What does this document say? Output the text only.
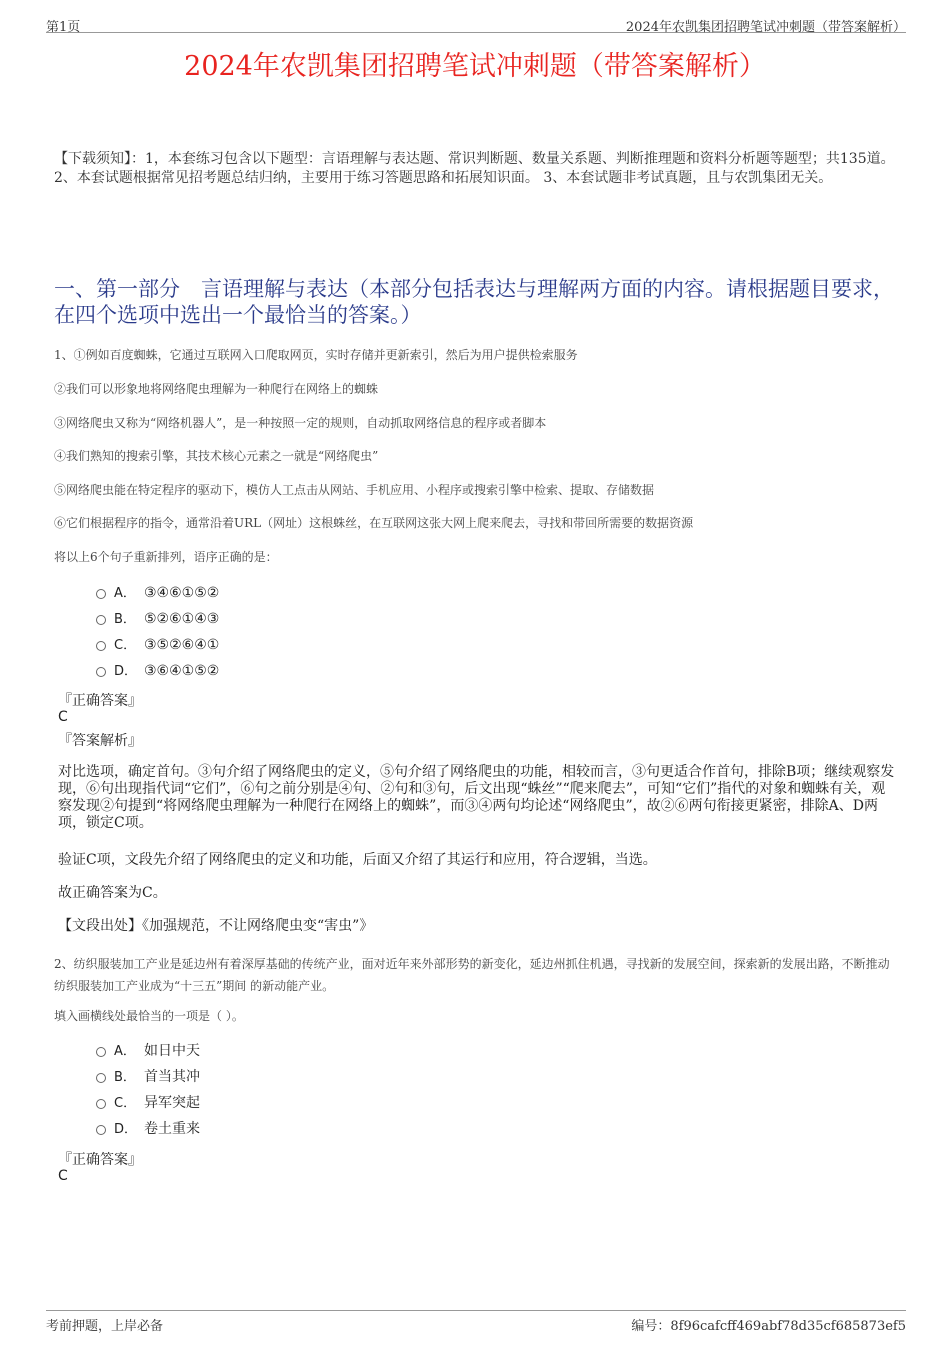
第1页	2024年农凯集团招聘笔试冲刺题（带答案解析）
2024年农凯集团招聘笔试冲刺题（带答案解析）
【下载须知】：1，本套练习包含以下题型：言语理解与表达题、常识判断题、数量关系题、判断推理题和资料分析题等题型；共135道。 2、本套试题根据常见招考题总结归纳，主要用于练习答题思路和拓展知识面。 3、本套试题非考试真题，且与农凯集团无关。
一、第一部分　言语理解与表达（本部分包括表达与理解两方面的内容。请根据题目要求，在四个选项中选出一个最恰当的答案。）
1、①例如百度蜘蛛，它通过互联网入口爬取网页，实时存储并更新索引，然后为用户提供检索服务
②我们可以形象地将网络爬虫理解为一种爬行在网络上的蜘蛛
③网络爬虫又称为“网络机器人”，是一种按照一定的规则，自动抓取网络信息的程序或者脚本
④我们熟知的搜索引擎，其技术核心元素之一就是“网络爬虫”
⑤网络爬虫能在特定程序的驱动下，模仿人工点击从网站、手机应用、小程序或搜索引擎中检索、提取、存储数据
⑥它们根据程序的指令，通常沿着URL（网址）这根蛛丝，在互联网这张大网上爬来爬去，寻找和带回所需要的数据资源
将以上6个句子重新排列，语序正确的是：
A． ③④⑥①⑤②
B． ⑤②⑥①④③
C． ③⑤②⑥④①
D． ③⑥④①⑤②
『正确答案』
C
『答案解析』
对比选项，确定首句。③句介绍了网络爬虫的定义，⑤句介绍了网络爬虫的功能，相较而言，③句更适合作首句，排除B项；继续观察发现，⑥句出现指代词“它们”，⑥句之前分别是④句、②句和③句，后文出现“蛛丝”“爬来爬去”，可知“它们”指代的对象和蜘蛛有关，观察发现②句提到“将网络爬虫理解为一种爬行在网络上的蜘蛛”，而③④两句均论述“网络爬虫”，故②⑥两句衔接更紧密，排除A、D两项，锁定C项。
验证C项，文段先介绍了网络爬虫的定义和功能，后面又介绍了其运行和应用，符合逻辑，当选。
故正确答案为C。
【文段出处】《加强规范，不让网络爬虫变“害虫”》
2、纺织服装加工产业是延边州有着深厚基础的传统产业，面对近年来外部形势的新变化，延边州抓住机遇，寻找新的发展空间，探索新的发展出路，不断推动纺织服装加工产业成为“十三五”期间 的新动能产业。
填入画横线处最恰当的一项是（ ）。
A． 如日中天
B． 首当其冲
C． 异军突起
D． 卷土重来
『正确答案』
C
考前押题，上岸必备	编号：8f96cafcff469abf78d35cf685873ef5
